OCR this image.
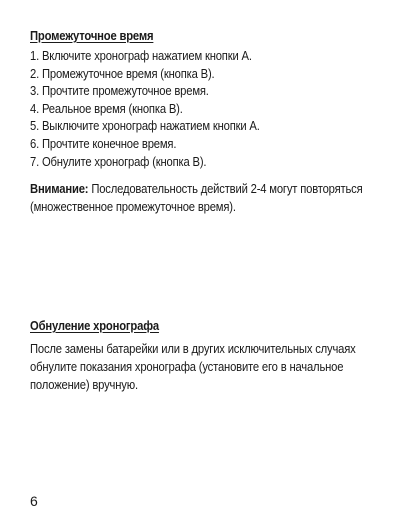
Промежуточное время
1. Включите хронограф нажатием кнопки А.
2. Промежуточное время (кнопка В).
3. Прочтите промежуточное время.
4. Реальное время (кнопка В).
5. Выключите хронограф нажатием кнопки А.
6. Прочтите конечное время.
7. Обнулите хронограф (кнопка В).
Внимание: Последовательность действий 2-4 могут повторяться (множественное промежуточное время).
Обнуление хронографа
После замены батарейки или в других исключительных случаях обнулите показания хронографа (установите его в начальное положение) вручную.
6
